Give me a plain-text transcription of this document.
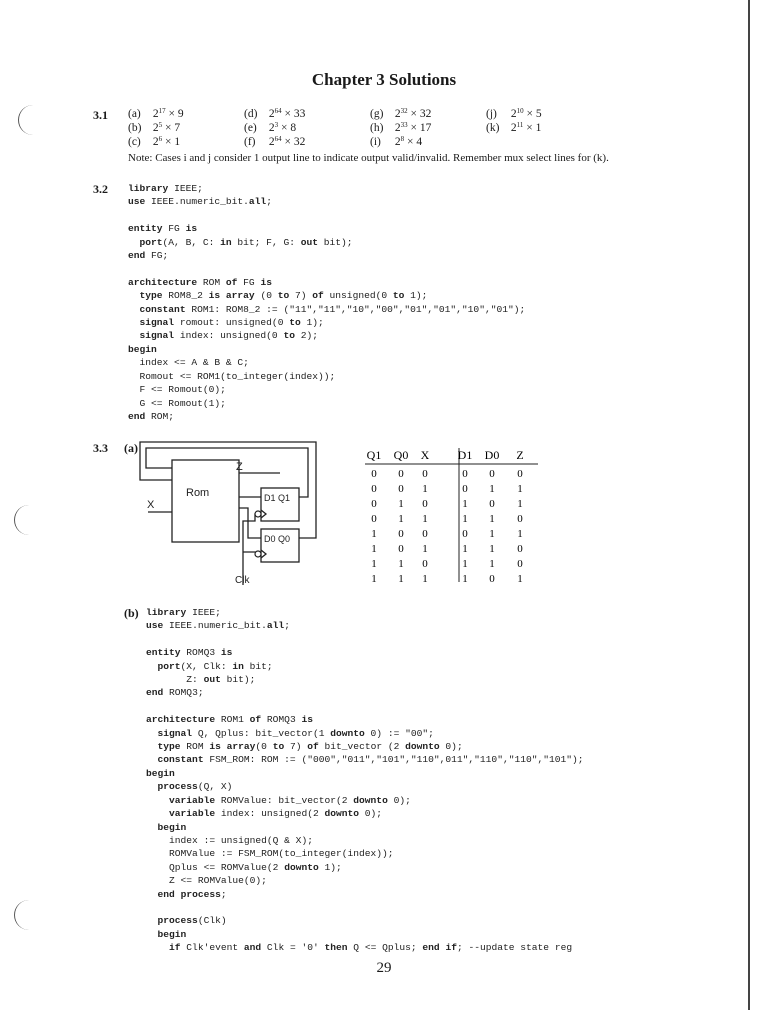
Chapter 3 Solutions
3.1 (a) $2^{17} \times 9$
(b) $2^5 \times 7$
(c) $2^6 \times 1$
(d) $2^{64} \times 33$
(e) $2^3 \times 8$
(f) $2^{64} \times 32$
(g) $2^{32} \times 32$
(h) $2^{33} \times 17$
(i) $2^8 \times 4$
(j) $2^{10} \times 5$
(k) $2^{11} \times 1$
Note: Cases i and j consider 1 output line to indicate output valid/invalid. Remember mux select lines for (k).
3.2 library IEEE;
use IEEE.numeric_bit.all;

entity FG is
port(A, B, C: in bit; F, G: out bit);
end FG;

architecture ROM of FG is
type ROM8_2 is array (0 to 7) of unsigned(0 to 1);
constant ROM1: ROM8_2 := ("11","11","10","00","01","01","10","01");
signal romout: unsigned(0 to 1);
signal index: unsigned(0 to 2);
begin
index <= A & B & C;
Romout <= ROM1(to_integer(index));
F <= Romout(0);
G <= Romout(1);
end ROM;
3.3 (a)
Rom
Z
X
D1 Q1
D0 Q0
Clk
Q1 Q0 X D1 D0 Z
0 0 0	0 0 0
0 0 1	0 1 1
0 1 0	1 0 1
0 1 1	1 1 0
1 0 0	0 1 1
1 0 1	1 1 0
1 1 0	1 1 0
1 1 1	1 0 1
(b) library IEEE;
use IEEE.numeric_bit.all;

entity ROMQ3 is
port(X, Clk: in bit;
Z: out bit);
end ROMQ3;

architecture ROM1 of ROMQ3 is
signal Q, Qplus: bit_vector(1 downto 0) := "00";
type ROM is array(0 to 7) of bit_vector (2 downto 0);
constant FSM_ROM: ROM := ("000","011","101","110",011","110","110","101");
begin
process(Q, X)
variable ROMValue: bit_vector(2 downto 0);
variable index: unsigned(2 downto 0);
begin
index := unsigned(Q & X);
ROMValue := FSM_ROM(to_integer(index));
Qplus <= ROMValue(2 downto 1);
Z <= ROMValue(0);
end process;

process(Clk)
begin
if Clk'event and Clk = '0' then Q <= Qplus; end if; --update state reg
29
